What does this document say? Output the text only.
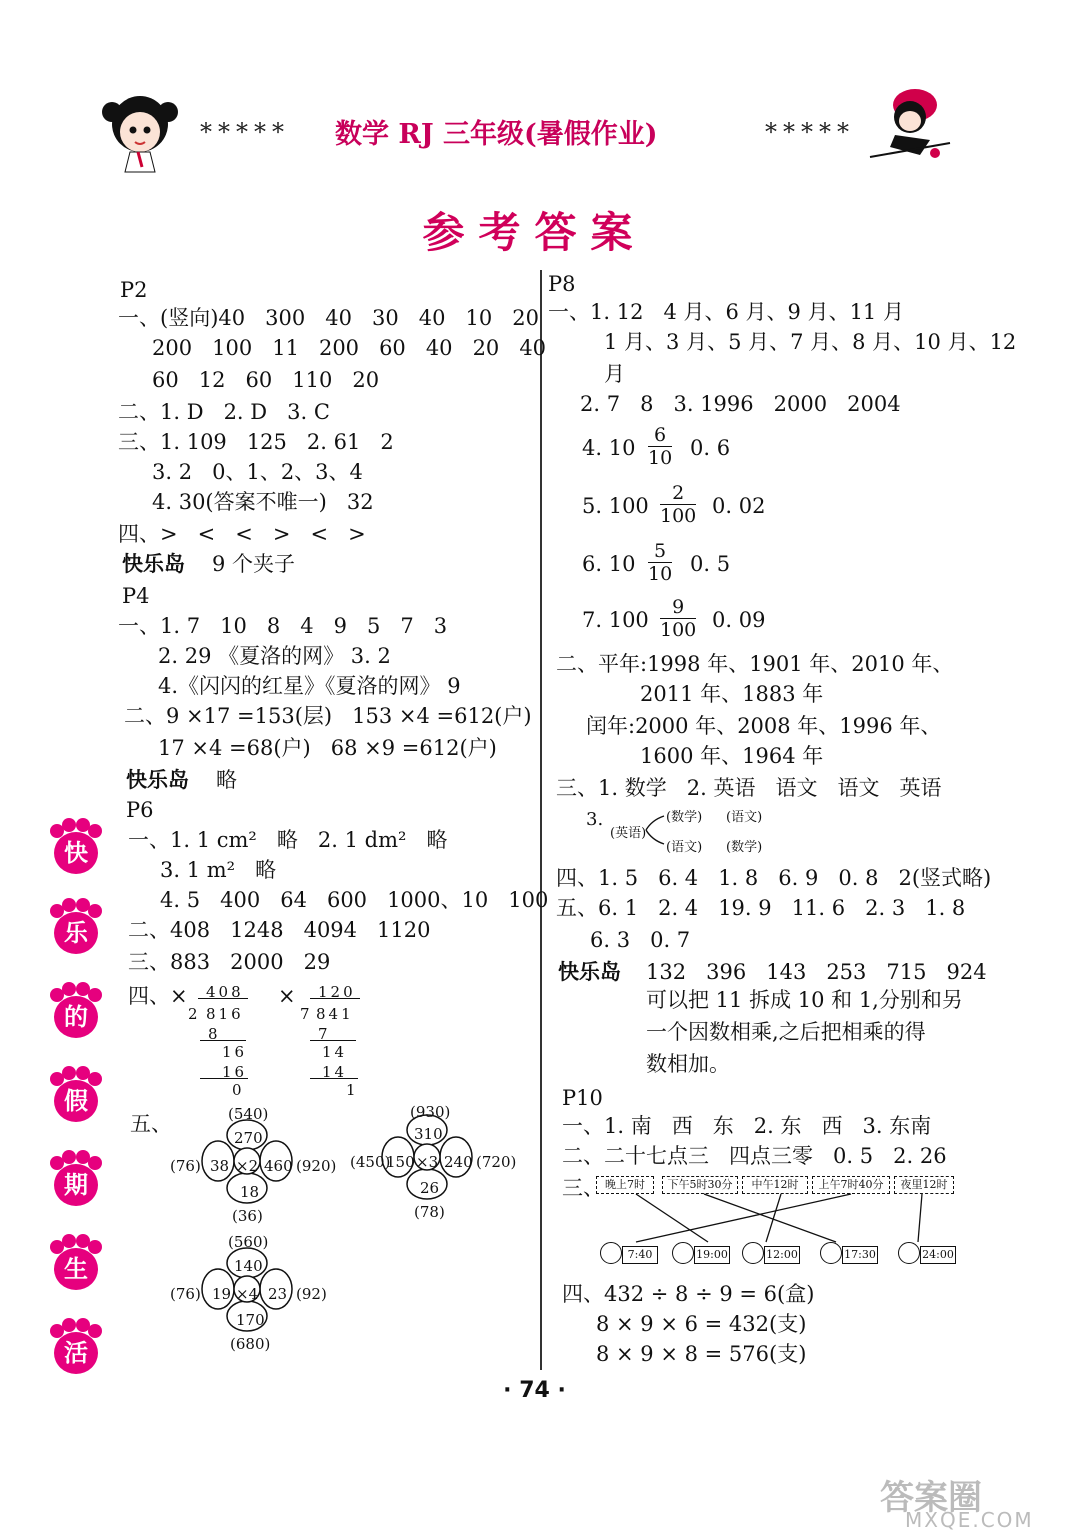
***** 数学 RJ 三年级(暑假作业)	*****
参考答案
P2
一、(竖向)40   300   40   30   40   10   20
200   100   11   200   60   40   20   40
60   12   60   110   20
二、1. D   2. D   3. C
三、1. 109   125   2. 61   2
3. 2   0、1、2、3、4
4. 30(答案不唯一)   32
四、>   <   <   >   <   >
快乐岛 9 个夹子
P4
一、1. 7   10   8   4   9   5   7   3
2. 29 《夏洛的网》 3. 2
4.《闪闪的红星》《夏洛的网》 9
二、9 ×17 =153(层)   153 ×4 =612(户)
17 ×4 =68(户)   68 ×9 =612(户)
快乐岛 略
P6
一、1. 1 cm²   略   2. 1 dm²   略
3. 1 m²   略
4. 5   400   64   600   1000、10   100
二、408   1248   4094   1120
三、883   2000   29
四、×	×
408
2 816
8
16
16
0
120
7 841
7
14
14
1
五、	(540)
270
(76) 38 ×2 460 (920)
18
(36)
(930)
310
(450)
150 ×3 240 (720)
26
(78)
(560)
140
(76) 19 ×4 23 (92)
170
(680)
快
乐
的
假
期
生
活
P8
一、1. 12   4 月、6 月、9 月、11 月
1 月、3 月、5 月、7 月、8 月、10 月、12
月
2. 7   8   3. 1996   2000   2004
4. 10
6
10 0. 6
5. 100
2
100 0. 02
6. 10
5
10 0. 5
7. 100
9
100 0. 09
二、平年:1998 年、1901 年、2010 年、
2011 年、1883 年
闰年:2000 年、2008 年、1996 年、
1600 年、1964 年
三、1. 数学   2. 英语   语文   语文   英语
3.
(英语)
(数学) (语文)
(语文) (数学)
四、1. 5   6. 4   1. 8   6. 9   0. 8   2(竖式略)
五、6. 1   2. 4   19. 9   11. 6   2. 3   1. 8
6. 3   0. 7
快乐岛 132   396   143   253   715   924
可以把 11 拆成 10 和 1,分别和另
一个因数相乘,之后把相乘的得
数相加。
P10
一、1. 南   西   东   2. 东   西   3. 东南
二、二十七点三   四点三零   0. 5   2. 26
三、 晚上7时	下午5时30分	中午12时	上午7时40分	夜里12时
7:40	19:00	12:00	17:30	24:00
四、432 ÷ 8 ÷ 9 = 6(盒)
8 × 9 × 6 = 432(支)
8 × 9 × 8 = 576(支)
· 74 ·
答案圈
MXQE.COM
